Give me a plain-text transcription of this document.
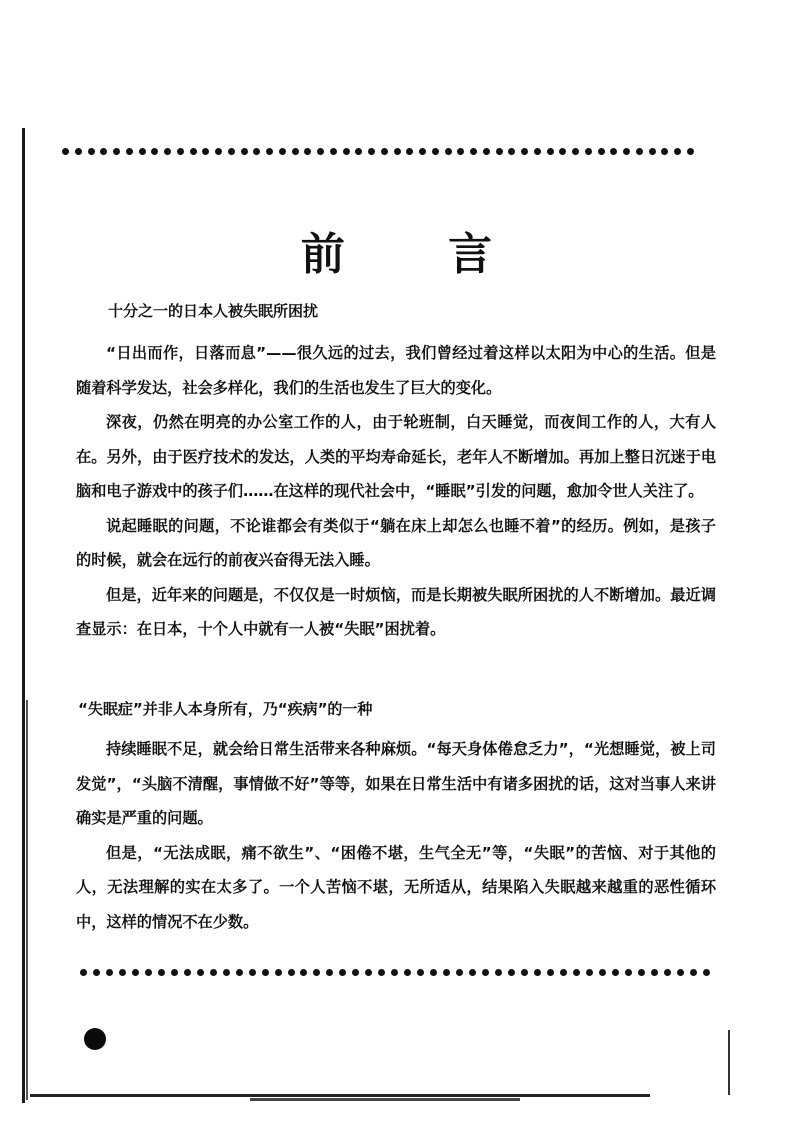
前 言
十分之一的日本人被失眠所困扰

“日出而作，日落而息”——很久远的过去，我们曾经过着这样以太阳为中心的生活。但是随着科学发达，社会多样化，我们的生活也发生了巨大的变化。

深夜，仍然在明亮的办公室工作的人，由于轮班制，白天睡觉，而夜间工作的人，大有人在。另外，由于医疗技术的发达，人类的平均寿命延长，老年人不断增加。再加上整日沉迷于电脑和电子游戏中的孩子们……在这样的现代社会中，“睡眠”引发的问题，愈加令世人关注了。

说起睡眠的问题，不论谁都会有类似于“躺在床上却怎么也睡不着”的经历。例如，是孩子的时候，就会在远行的前夜兴奋得无法入睡。

但是，近年来的问题是，不仅仅是一时烦恼，而是长期被失眠所困扰的人不断增加。最近调查显示：在日本，十个人中就有一人被“失眠”困扰着。

“失眠症”并非人本身所有，乃“疾病”的一种

持续睡眠不足，就会给日常生活带来各种麻烦。“每天身体倦怠乏力”，“光想睡觉，被上司发觉”，“头脑不清醒，事情做不好”等等，如果在日常生活中有诸多困扰的话，这对当事人来讲确实是严重的问题。

但是，“无法成眠，痛不欲生”、“困倦不堪，生气全无”等，“失眠”的苦恼、对于其他的人，无法理解的实在太多了。一个人苦恼不堪，无所适从，结果陷入失眠越来越重的恶性循环中，这样的情况不在少数。
